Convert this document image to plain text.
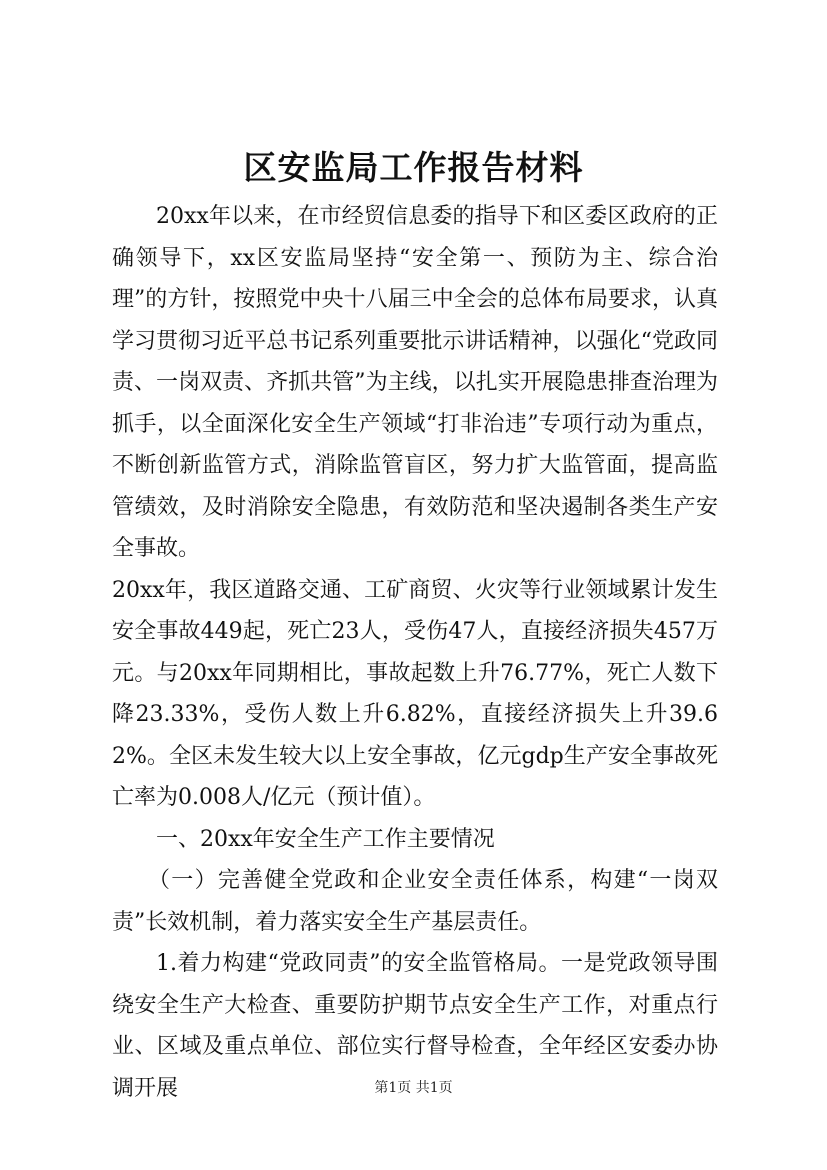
区安监局工作报告材料

20xx年以来，在市经贸信息委的指导下和区委区政府的正确领导下，xx区安监局坚持“安全第一、预防为主、综合治理”的方针，按照党中央十八届三中全会的总体布局要求，认真学习贯彻习近平总书记系列重要批示讲话精神，以强化“党政同责、一岗双责、齐抓共管”为主线，以扎实开展隐患排查治理为抓手，以全面深化安全生产领域“打非治违”专项行动为重点，不断创新监管方式，消除监管盲区，努力扩大监管面，提高监管绩效，及时消除安全隐患，有效防范和坚决遏制各类生产安全事故。

20xx年，我区道路交通、工矿商贸、火灾等行业领域累计发生安全事故449起，死亡23人，受伤47人，直接经济损失457万元。与20xx年同期相比，事故起数上升76.77%，死亡人数下降23.33%，受伤人数上升6.82%，直接经济损失上升39.62%。全区未发生较大以上安全事故，亿元gdp生产安全事故死亡率为0.008人/亿元（预计值）。

一、20xx年安全生产工作主要情况

（一）完善健全党政和企业安全责任体系，构建“一岗双责”长效机制，着力落实安全生产基层责任。

1.着力构建“党政同责”的安全监管格局。一是党政领导围绕安全生产大检查、重要防护期节点安全生产工作，对重点行业、区域及重点单位、部位实行督导检查，全年经区安委办协调开展	第1页 共1页
